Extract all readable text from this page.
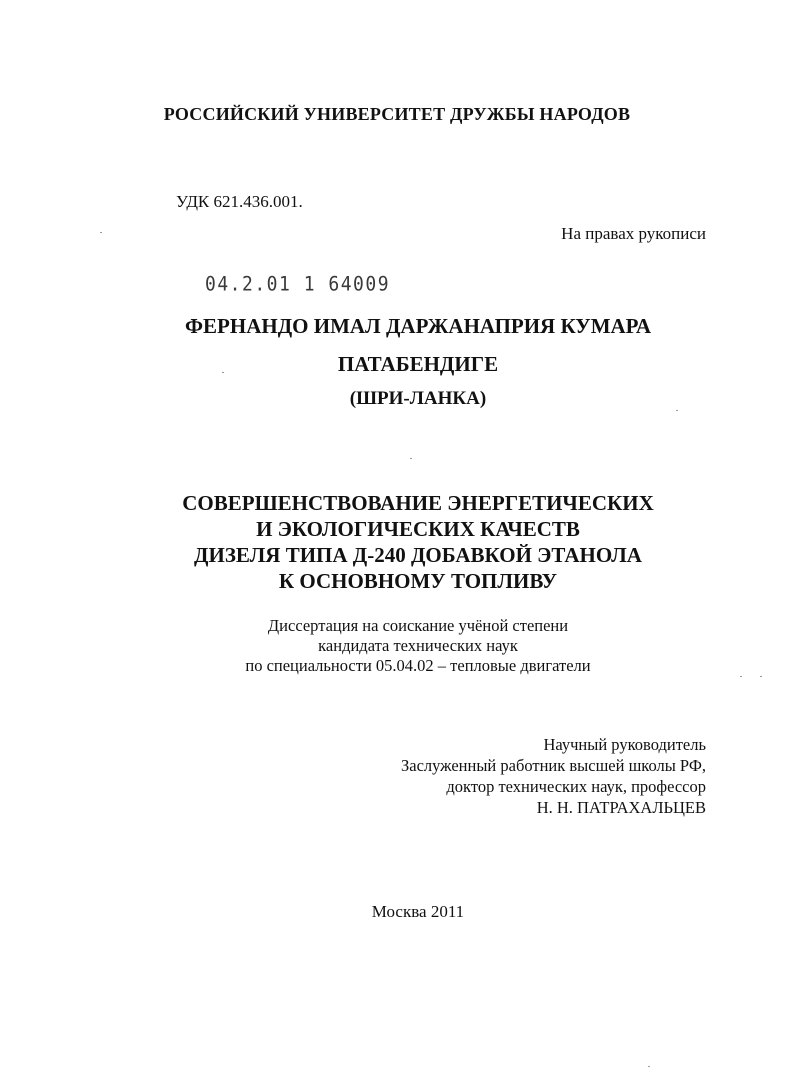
РОССИЙСКИЙ УНИВЕРСИТЕТ ДРУЖБЫ НАРОДОВ
УДК 621.436.001.
На правах рукописи
04.2.01 1 64009
ФЕРНАНДО ИМАЛ ДАРЖАНАПРИЯ КУМАРА
ПАТАБЕНДИГЕ
(ШРИ-ЛАНКА)
СОВЕРШЕНСТВОВАНИЕ ЭНЕРГЕТИЧЕСКИХ
И ЭКОЛОГИЧЕСКИХ КАЧЕСТВ
ДИЗЕЛЯ ТИПА Д-240 ДОБАВКОЙ ЭТАНОЛА
К ОСНОВНОМУ ТОПЛИВУ
Диссертация на соискание учёной степени
кандидата технических наук
по специальности 05.04.02 – тепловые двигатели
Научный руководитель
Заслуженный работник высшей школы РФ,
доктор технических наук, профессор
Н. Н. ПАТРАХАЛЬЦЕВ
Москва 2011
